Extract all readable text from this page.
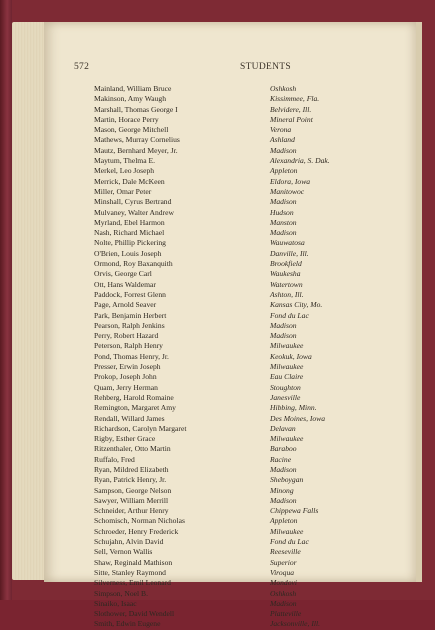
572	STUDENTS
Mainland, William Bruce	Oshkosh
Makinson, Amy Waugh	Kissimmee, Fla.
Marshall, Thomas George I	Belvidere, Ill.
Martin, Horace Perry	Mineral Point
Mason, George Mitchell	Verona
Mathews, Murray Cornelius	Ashland
Mautz, Bernhard Meyer, Jr.	Madison
Maytum, Thelma E.	Alexandria, S. Dak.
Merkel, Leo Joseph	Appleton
Merrick, Dale McKeen	Eldora, Iowa
Miller, Omar Peter	Manitowoc
Minshall, Cyrus Bertrand	Madison
Mulvaney, Walter Andrew	Hudson
Myrland, Ebel Harmon	Manston
Nash, Richard Michael	Madison
Nolte, Phillip Pickering	Wauwatosa
O'Brien, Louis Joseph	Danville, Ill.
Ormond, Roy Baxanquith	Brookfield
Orvis, George Carl	Waukesha
Ott, Hans Waldemar	Watertown
Paddock, Forrest Glenn	Ashton, Ill.
Page, Arnold Seaver	Kansas City, Mo.
Park, Benjamin Herbert	Fond du Lac
Pearson, Ralph Jenkins	Madison
Perry, Robert Hazard	Madison
Peterson, Ralph Henry	Milwaukee
Pond, Thomas Henry, Jr.	Keokuk, Iowa
Presser, Erwin Joseph	Milwaukee
Prokop, Joseph John	Eau Claire
Quam, Jerry Herman	Stoughton
Rehberg, Harold Romaine	Janesville
Remington, Margaret Amy	Hibbing, Minn.
Rendall, Willard James	Des Moines, Iowa
Richardson, Carolyn Margaret	Delavan
Rigby, Esther Grace	Milwaukee
Ritzenthaler, Otto Martin	Baraboo
Ruffalo, Fred	Racine
Ryan, Mildred Elizabeth	Madison
Ryan, Patrick Henry, Jr.	Sheboygan
Sampson, George Nelson	Minong
Sawyer, William Merrill	Madison
Schneider, Arthur Henry	Chippewa Falls
Schomisch, Norman Nicholas	Appleton
Schroeder, Henry Frederick	Milwaukee
Schujahn, Alvin David	Fond du Lac
Sell, Vernon Wallis	Reeseville
Shaw, Reginald Mathison	Superior
Sitte, Stanley Raymond	Viroqua
Silverness, Emil Leonard	Mondovi
Simpson, Noel B.	Oshkosh
Sinaiko, Isaac	Madison
Slothower, David Wendell	Platteville
Smith, Edwin Eugene	Jacksonville, Ill.
